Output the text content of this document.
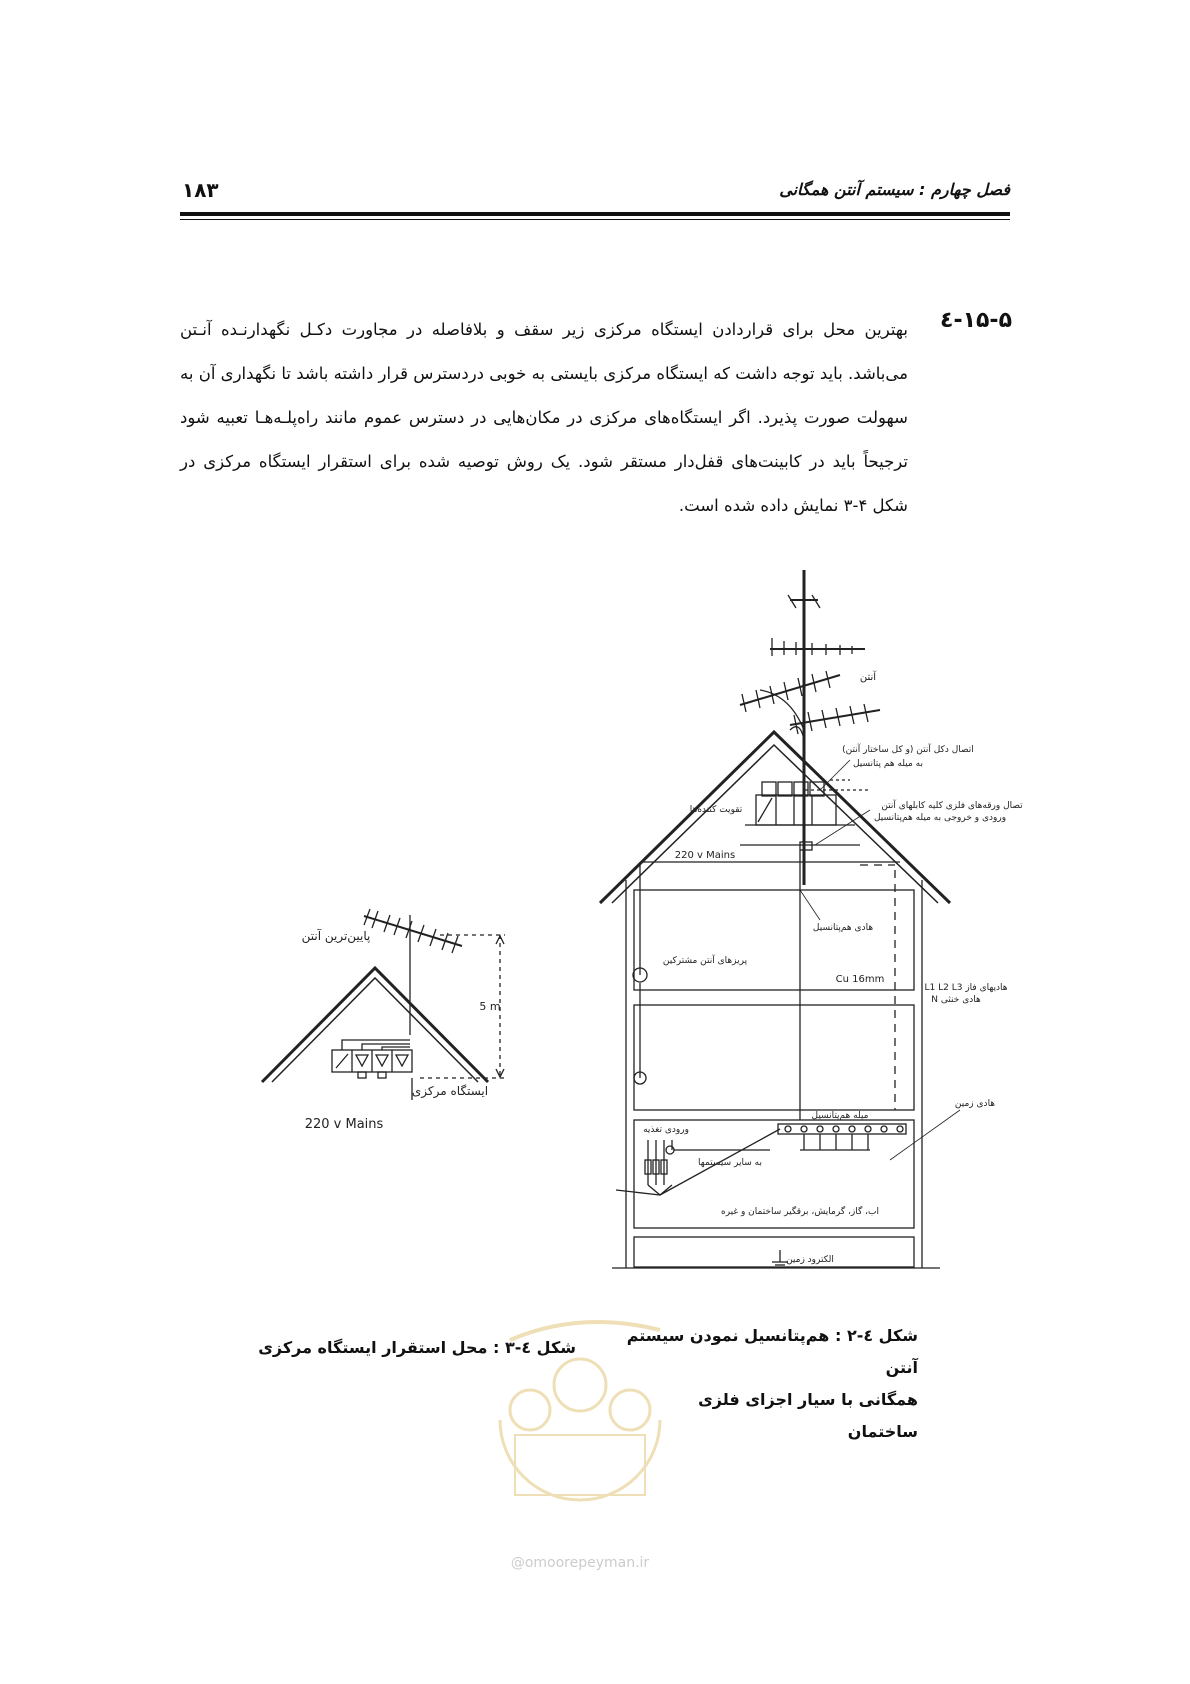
فصل چهارم : سیستم آنتن همگانی
۱۸۳
۱۵-۵-٤
بهترین محل برای قراردادن ایستگاه مرکزی زیر سقف و بلافاصله در مجاورت دکـل نگهدارنـده آنـتن می‌باشد. باید توجه داشت که ایستگاه مرکزی بایستی به خوبی دردسترس قرار داشته باشد تا نگهداری آن به سهولت صورت پذیرد. اگر ایستگاه‌های مرکزی در مکان‌هایی در دسترس عموم مانند راه‌پلـه‌هـا تعبیه شود ترجیحاً باید در کابینت‌های قفل‌دار مستقر شود. یک روش توصیه شده برای استقرار ایستگاه مرکزی در شکل ۴-۳ نمایش داده شده است.
پایین‌ترین آنتن
5 m
ایستگاه مرکزی
220 v Mains
آنتن
اتصال دکل آنتن (و کل ساختار آنتن)
به میله هم پتانسیل
تقویت کننده‌ها	تصال ورقه‌های فلزی کلیه کابلهای آنتن
ورودی و خروجی به میله هم‌پتانسیل
220 v Mains
هادی هم‌پتانسیل
پریزهای آنتن مشترکین
Cu 16mm
L1 L2 L3 هادیهای فاز
N هادی خنثی
هادی زمین
میله هم‌پتانسیل
ورودی تغذیه
به سایر سیستمها
اب، گاز، گرمایش، برقگیر ساختمان و غیره
الکترود زمین
@omoorepeyman.ir
شکل ٤-۲ : هم‌پتانسیل نمودن سیستم آنتن
همگانی با سیار اجزای فلزی
ساختمان
شکل ٤-۳ : محل استقرار ایستگاه مرکزی
